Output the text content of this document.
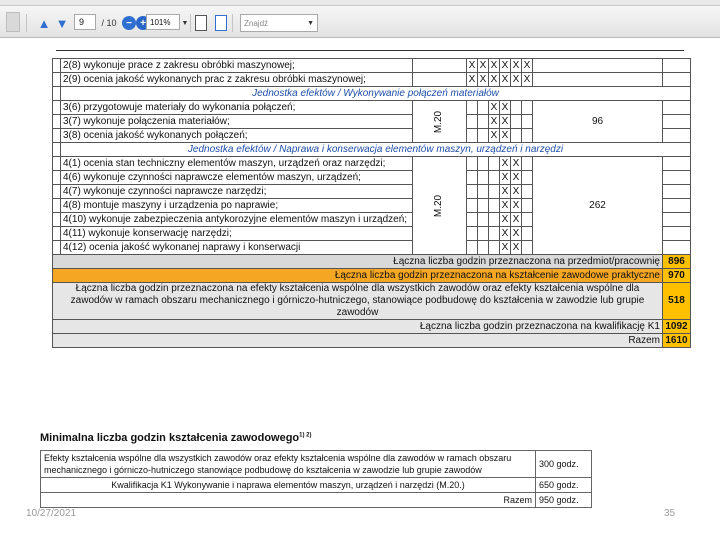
▲ ▼ 9	/ 10 − + 101% ▼	Znajdź	▼
	2(8) wykonuje prace z zakresu obróbki maszynowej;		X	X	X	X	X	X		
	2(9) ocenia jakość wykonanych prac z zakresu obróbki maszynowej;		X	X	X	X	X	X		
	Jednostka efektów / Wykonywanie połączeń materiałów									
	3(6) przygotowuje materiały do wykonania połączeń;	M.20			X	X			96	
	3(7) wykonuje połączenia materiałów;				X	X				
	3(8) ocenia jakość wykonanych połączeń;				X	X				
	Jednostka efektów / Naprawa i konserwacja elementów maszyn, urządzeń i narzędzi									
	4(1) ocenia stan techniczny elementów maszyn, urządzeń oraz narzędzi;	M.20				X	X		262	
	4(6) wykonuje czynności naprawcze elementów maszyn, urządzeń;					X	X			
	4(7) wykonuje czynności naprawcze narzędzi;					X	X			
	4(8) montuje maszyny i urządzenia po naprawie;					X	X			
	4(10) wykonuje zabezpieczenia antykorozyjne elementów maszyn i urządzeń;					X	X			
	4(11) wykonuje konserwację narzędzi;					X	X			
	4(12) ocenia jakość wykonanej naprawy i konserwacji					X	X			
Łączna liczba godzin przeznaczona na przedmiot/pracownię										896
Łączna liczba godzin przeznaczona na kształcenie zawodowe praktyczne										970
Łączna liczba godzin przeznaczona na efekty kształcenia wspólne dla wszystkich zawodów oraz efekty kształcenia wspólne dla zawodów w ramach obszaru mechanicznego i górniczo-hutniczego, stanowiące podbudowę do kształcenia w zawodzie lub grupie zawodów										518
Łączna liczba godzin przeznaczona na kwalifikację K1										1092
Razem										1610
Minimalna liczba godzin kształcenia zawodowego$^{1) 2)}$
Efekty kształcenia wspólne dla wszystkich zawodów oraz efekty kształcenia wspólne dla zawodów w ramach obszaru mechanicznego i górniczo-hutniczego stanowiące podbudowę do kształcenia w zawodzie lub grupie zawodów	300 godz.
Kwalifikacja K1 Wykonywanie i naprawa elementów maszyn, urządzeń i narzędzi (M.20.)	650 godz.
Razem	950 godz.
10/27/2021	35
